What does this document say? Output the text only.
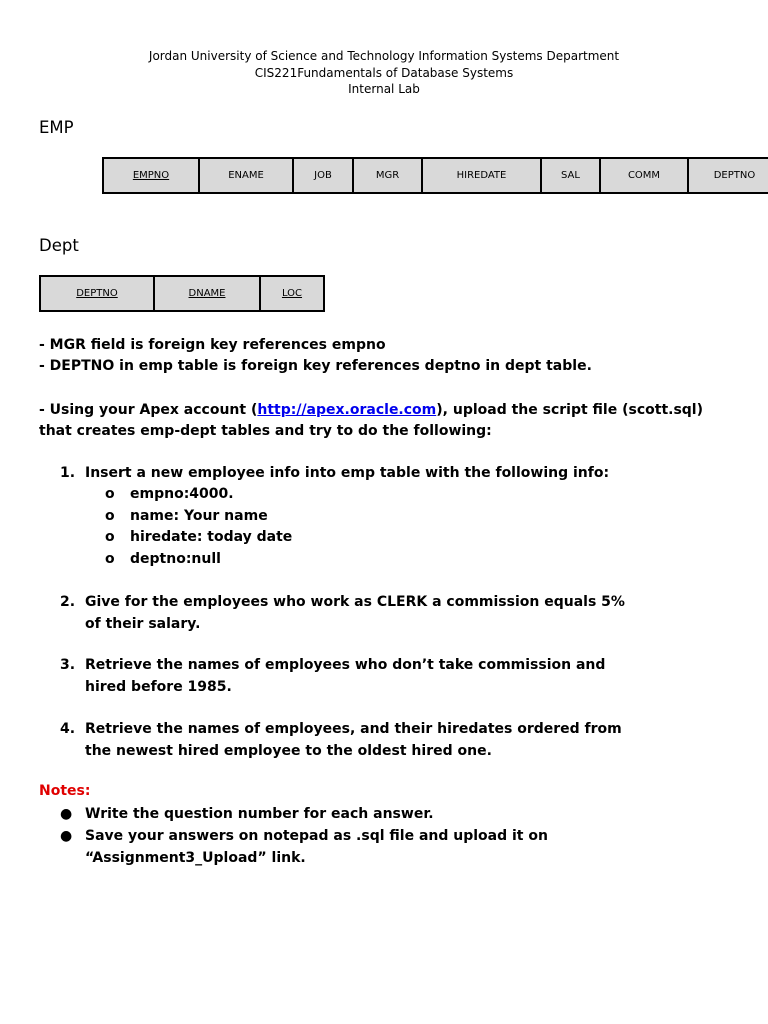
Jordan University of Science and Technology Information Systems Department
CIS221Fundamentals of Database Systems
Internal Lab
EMP
EMPNO	ENAME	JOB	MGR	HIREDATE	SAL	COMM	DEPTNO
Dept
DEPTNO	DNAME	LOC
- MGR field is foreign key references empno
- DEPTNO in emp table is foreign key references deptno in dept table.
- Using your Apex account (http://apex.oracle.com), upload the script file (scott.sql)
that creates emp-dept tables and try to do the following:
1. Insert a new employee info into emp table with the following info:
o empno:4000.
o name: Your name
o hiredate: today date
o deptno:null
2. Give for the employees who work as CLERK a commission equals 5% of their salary.
3. Retrieve the names of employees who don’t take commission and hired before 1985.
4. Retrieve the names of employees, and their hiredates ordered from the newest hired employee to the oldest hired one.
Notes:
● Write the question number for each answer.
● Save your answers on notepad as .sql file and upload it on “Assignment3_Upload” link.
